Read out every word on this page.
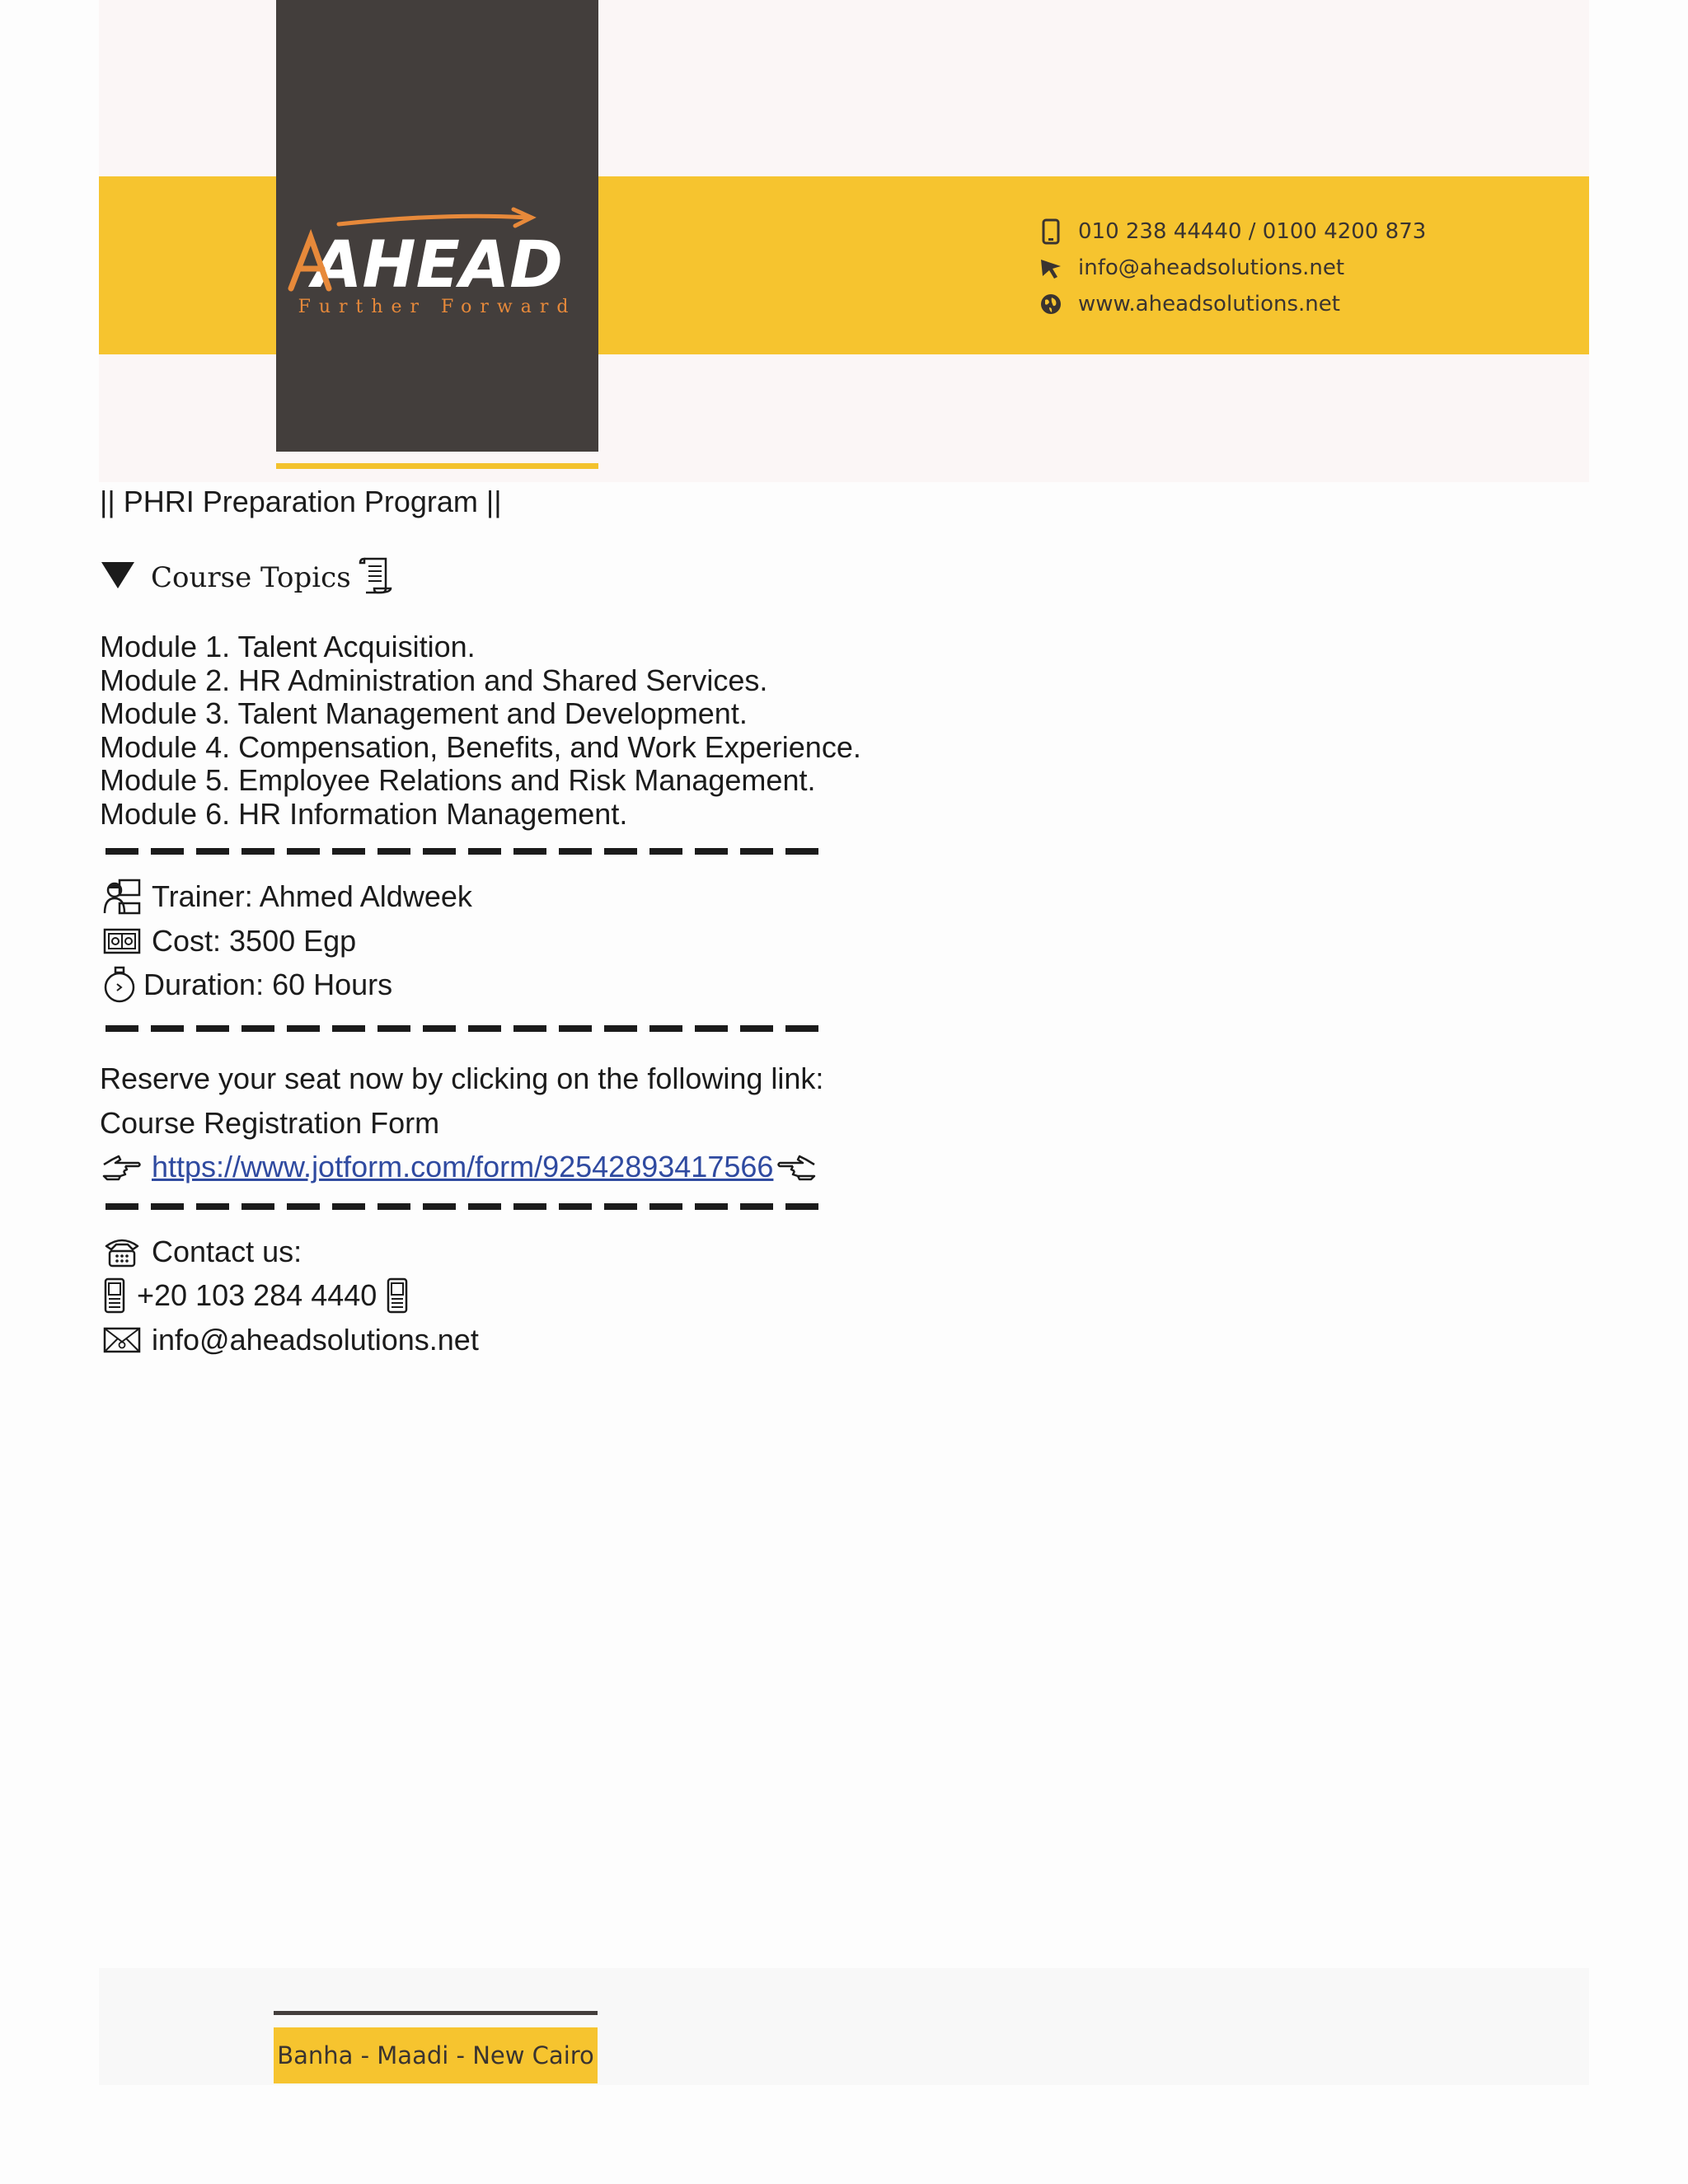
AHEAD
Further Forward
010 238 44440 / 0100 4200 873
info@aheadsolutions.net
www.aheadsolutions.net
|| PHRI Preparation Program ||
Course Topics
Module 1. Talent Acquisition.
Module 2. HR Administration and Shared Services.
Module 3. Talent Management and Development.
Module 4. Compensation, Benefits, and Work Experience.
Module 5. Employee Relations and Risk Management.
Module 6. HR Information Management.
Trainer: Ahmed Aldweek
Cost: 3500 Egp
Duration: 60 Hours
Reserve your seat now by clicking on the following link:
Course Registration Form
https://www.jotform.com/form/92542893417566
Contact us:
+20 103 284 4440
info@aheadsolutions.net
Banha - Maadi - New Cairo
